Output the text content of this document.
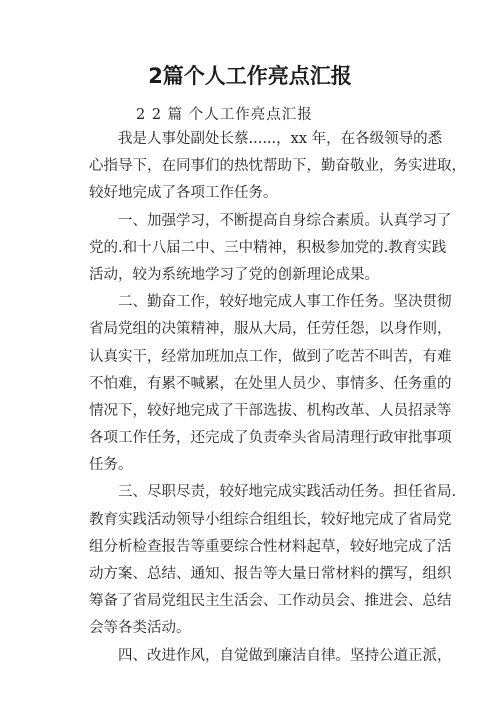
2篇个人工作亮点汇报
2 2 篇 个人工作亮点汇报
我是人事处副处长蔡......，xx 年，在各级领导的悉
心指导下，在同事们的热忱帮助下，勤奋敬业，务实进取，
较好地完成了各项工作任务。
一、加强学习，不断提高自身综合素质。认真学习了
党的.和十八届二中、三中精神，积极参加党的.教育实践
活动，较为系统地学习了党的创新理论成果。
二、勤奋工作，较好地完成人事工作任务。坚决贯彻
省局党组的决策精神，服从大局，任劳任怨，以身作则，
认真实干，经常加班加点工作，做到了吃苦不叫苦，有难
不怕难，有累不喊累，在处里人员少、事情多、任务重的
情况下，较好地完成了干部选拔、机构改革、人员招录等
各项工作任务，还完成了负责牵头省局清理行政审批事项
任务。
三、尽职尽责，较好地完成实践活动任务。担任省局.
教育实践活动领导小组综合组组长，较好地完成了省局党
组分析检查报告等重要综合性材料起草，较好地完成了活
动方案、总结、通知、报告等大量日常材料的撰写，组织
筹备了省局党组民主生活会、工作动员会、推进会、总结
会等各类活动。
四、改进作风，自觉做到廉洁自律。坚持公道正派，
